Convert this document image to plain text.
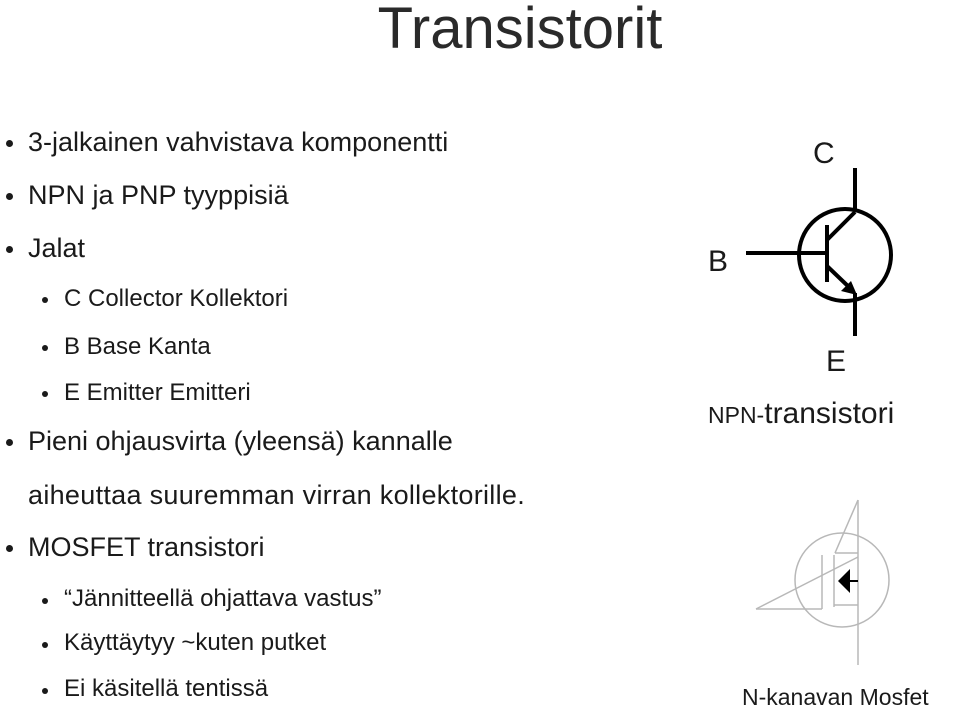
Transistorit
3-jalkainen vahvistava komponentti
NPN ja PNP tyyppisiä
Jalat
C Collector Kollektori
B Base Kanta
E Emitter Emitteri
Pieni ohjausvirta (yleensä) kannalle
aiheuttaa suuremman virran kollektorille.
MOSFET transistori
“Jännitteellä ohjattava vastus”
Käyttäytyy ~kuten putket
Ei käsitellä tentissä
C
B
E
NPN-transistori
N-kanavan Mosfet
